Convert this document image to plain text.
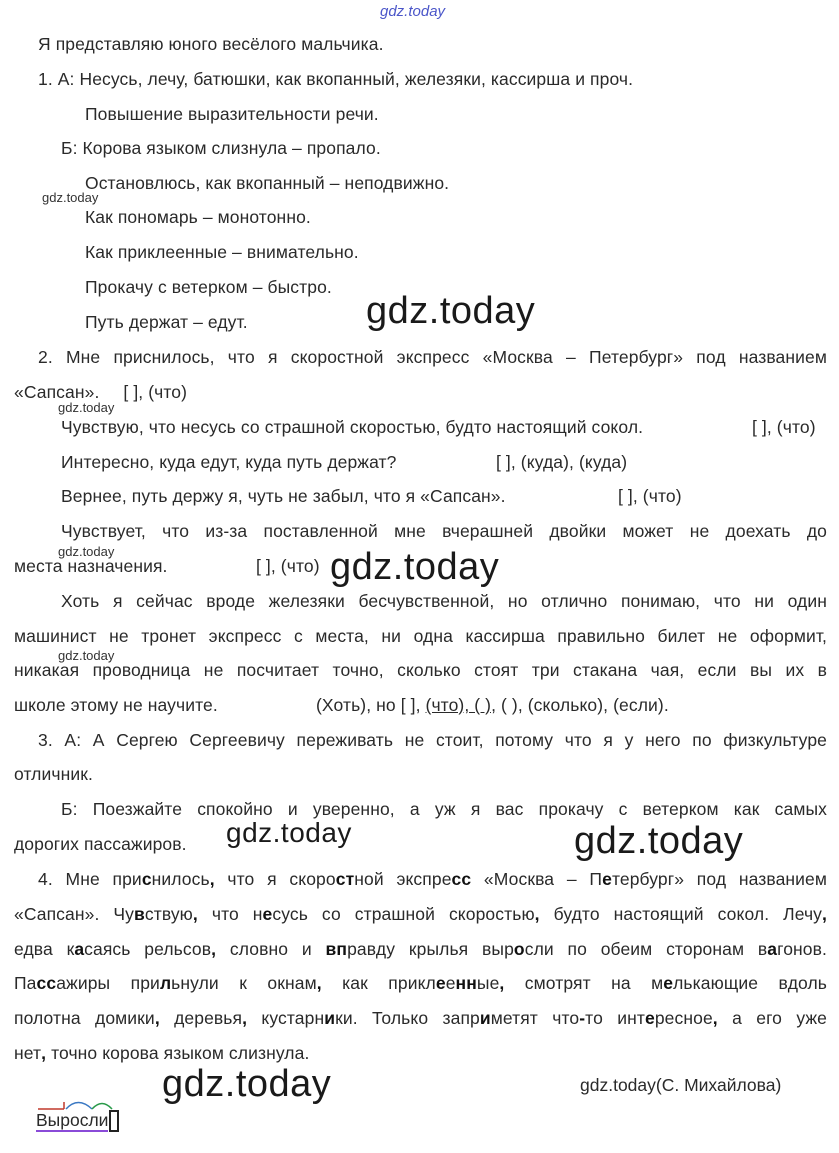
gdz.today
Я представляю юного весёлого мальчика.
1. А: Несусь, лечу, батюшки, как вкопанный, железяки, кассирша и проч.
Повышение выразительности речи.
Б: Корова языком слизнула – пропало.
Остановлюсь, как вкопанный – неподвижно.
gdz.today
Как пономарь – монотонно.
Как приклеенные – внимательно.
Прокачу с ветерком – быстро.
Путь держат – едут.	gdz.today
2. Мне приснилось, что я скоростной экспресс «Москва – Петербург» под названием
«Сапсан». [ ], (что)
gdz.today
Чувствую, что несусь со страшной скоростью, будто настоящий сокол.	[ ], (что)
Интересно, куда едут, куда путь держат?	[ ], (куда), (куда)
Вернее, путь держу я, чуть не забыл, что я «Сапсан».	[ ], (что)
Чувствует, что из-за поставленной мне вчерашней двойки может не доехать до
gdz.today
места назначения.	[ ], (что) gdz.today
Хоть я сейчас вроде железяки бесчувственной, но отлично понимаю, что ни один
машинист не тронет экспресс с места, ни одна кассирша правильно билет не оформит,
gdz.today
никакая проводница не посчитает точно, сколько стоят три стакана чая, если вы их в
школе этому не научите.	(Хоть), но [ ], (что), ( ), ( ), (сколько), (если).
3. А: А Сергею Сергеевичу переживать не стоит, потому что я у него по физкультуре
отличник.
Б: Поезжайте спокойно и уверенно, а уж я вас прокачу с ветерком как самых
дорогих пассажиров. gdz.today	gdz.today
4. Мне приснилось, что я скоростной экспресс «Москва – Петербург» под названием
«Сапсан». Чувствую, что несусь со страшной скоростью, будто настоящий сокол. Лечу,
едва касаясь рельсов, словно и вправду крылья выросли по обеим сторонам вагонов.
Пассажиры прильнули к окнам, как приклеенные, смотрят на мелькающие вдоль
полотна домики, деревья, кустарники. Только заприметят что-то интересное, а его уже
нет, точно корова языком слизнула.
gdz.today	gdz.today(С. Михайлова)
Выросли
